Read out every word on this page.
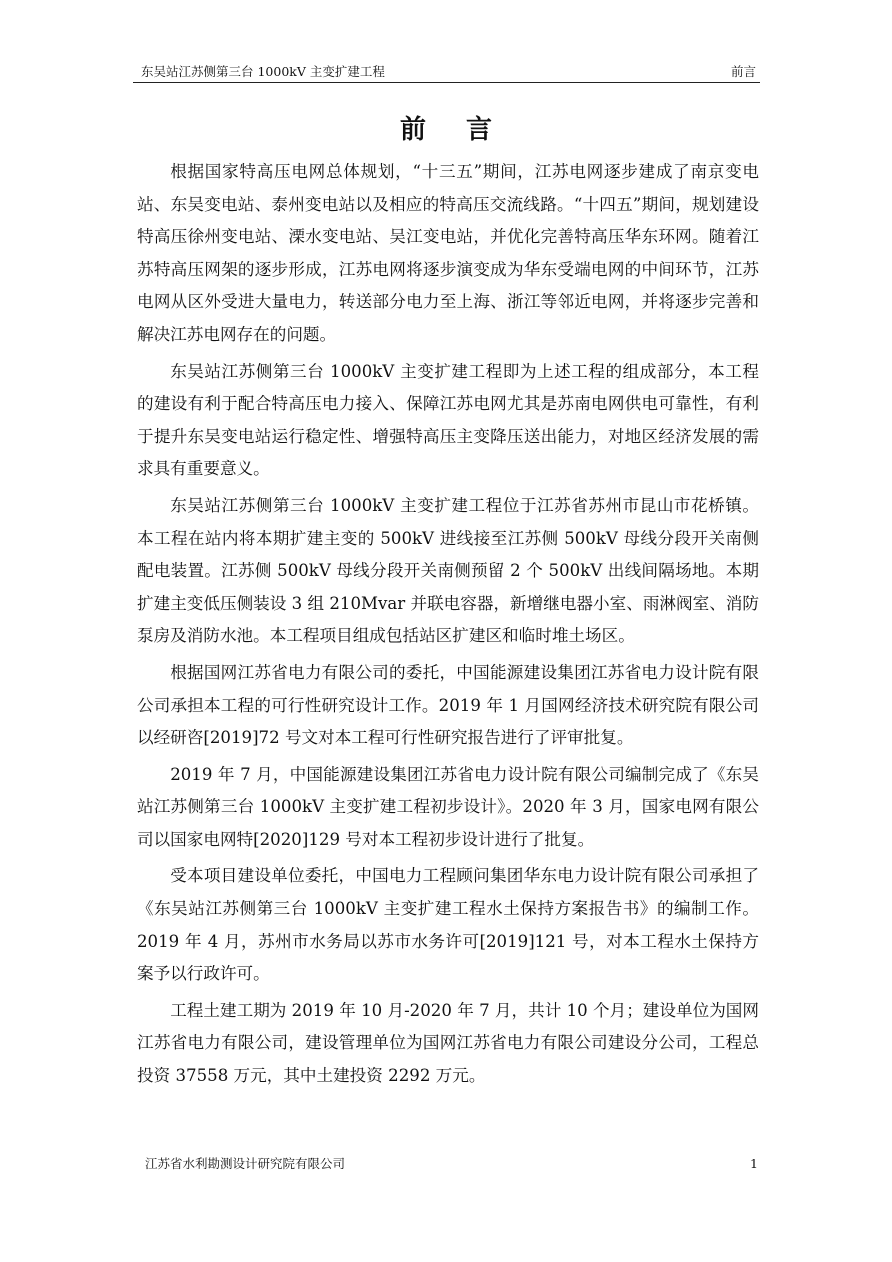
东吴站江苏侧第三台 1000kV 主变扩建工程	前言
前言

根据国家特高压电网总体规划，“十三五”期间，江苏电网逐步建成了南京变电站、东吴变电站、泰州变电站以及相应的特高压交流线路。“十四五”期间，规划建设特高压徐州变电站、溧水变电站、吴江变电站，并优化完善特高压华东环网。随着江苏特高压网架的逐步形成，江苏电网将逐步演变成为华东受端电网的中间环节，江苏电网从区外受进大量电力，转送部分电力至上海、浙江等邻近电网，并将逐步完善和解决江苏电网存在的问题。

东吴站江苏侧第三台 1000kV 主变扩建工程即为上述工程的组成部分，本工程的建设有利于配合特高压电力接入、保障江苏电网尤其是苏南电网供电可靠性，有利于提升东吴变电站运行稳定性、增强特高压主变降压送出能力，对地区经济发展的需求具有重要意义。

东吴站江苏侧第三台 1000kV 主变扩建工程位于江苏省苏州市昆山市花桥镇。本工程在站内将本期扩建主变的 500kV 进线接至江苏侧 500kV 母线分段开关南侧配电装置。江苏侧 500kV 母线分段开关南侧预留 2 个 500kV 出线间隔场地。本期扩建主变低压侧装设 3 组 210Mvar 并联电容器，新增继电器小室、雨淋阀室、消防泵房及消防水池。本工程项目组成包括站区扩建区和临时堆土场区。

根据国网江苏省电力有限公司的委托，中国能源建设集团江苏省电力设计院有限公司承担本工程的可行性研究设计工作。2019 年 1 月国网经济技术研究院有限公司以经研咨[2019]72 号文对本工程可行性研究报告进行了评审批复。

2019 年 7 月，中国能源建设集团江苏省电力设计院有限公司编制完成了《东吴站江苏侧第三台 1000kV 主变扩建工程初步设计》。2020 年 3 月，国家电网有限公司以国家电网特[2020]129 号对本工程初步设计进行了批复。

受本项目建设单位委托，中国电力工程顾问集团华东电力设计院有限公司承担了《东吴站江苏侧第三台 1000kV 主变扩建工程水土保持方案报告书》的编制工作。2019 年 4 月，苏州市水务局以苏市水务许可[2019]121 号，对本工程水土保持方案予以行政许可。

工程土建工期为 2019 年 10 月-2020 年 7 月，共计 10 个月；建设单位为国网江苏省电力有限公司，建设管理单位为国网江苏省电力有限公司建设分公司，工程总投资 37558 万元，其中土建投资 2292 万元。

江苏省水利勘测设计研究院有限公司	1
